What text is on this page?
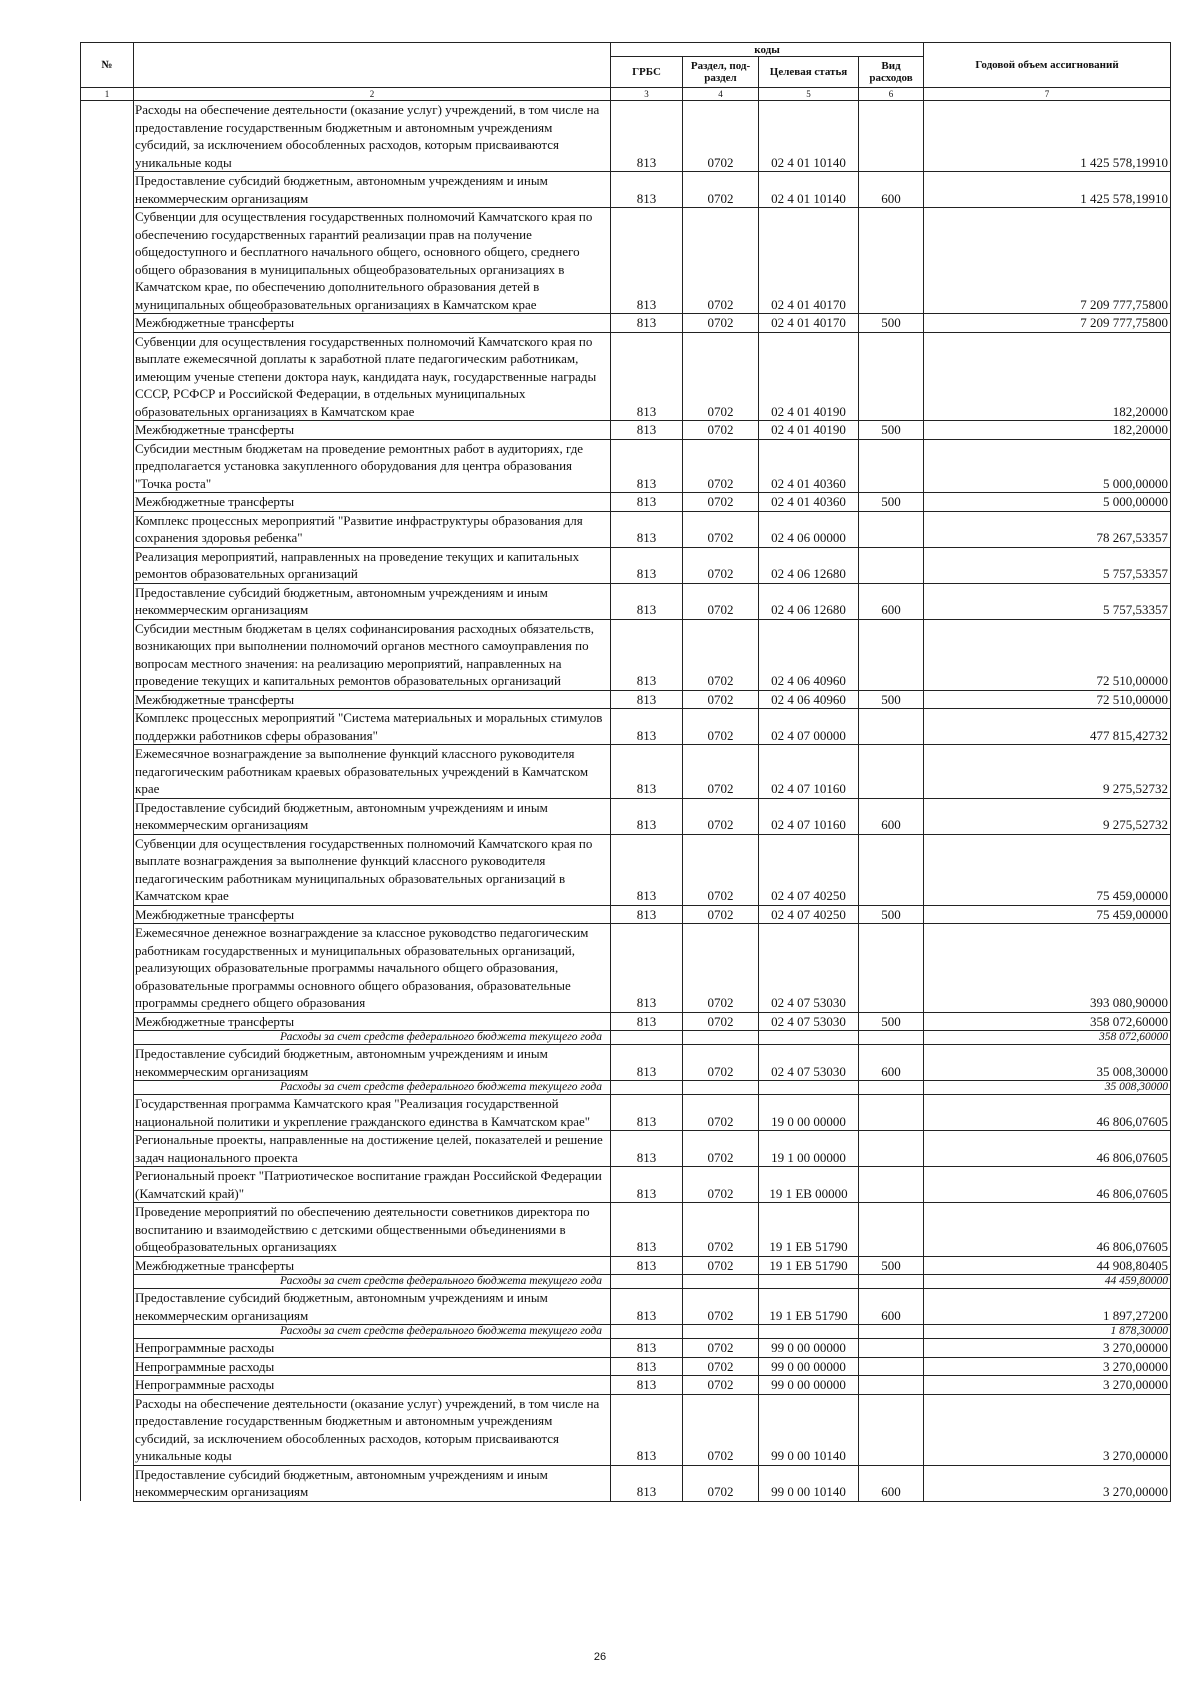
№		коды				Годовой объем ассигнований
		ГРБС	Раздел, под-раздел	Целевая статья	Вид расходов	
1	2	3	4	5	6	7
	Расходы на обеспечение деятельности (оказание услуг) учреждений, в том числе на предоставление государственным бюджетным и автономным учреждениям субсидий, за исключением обособленных расходов, которым присваиваются уникальные коды	813	0702	02 4 01 10140		1 425 578,19910
	Предоставление субсидий бюджетным, автономным учреждениям и иным некоммерческим организациям	813	0702	02 4 01 10140	600	1 425 578,19910
	Субвенции для осуществления государственных полномочий Камчатского края по обеспечению государственных гарантий реализации прав на получение общедоступного и бесплатного начального общего, основного общего, среднего общего образования в муниципальных общеобразовательных организациях в Камчатском крае, по обеспечению дополнительного образования детей в муниципальных общеобразовательных организациях в Камчатском крае	813	0702	02 4 01 40170		7 209 777,75800
	Межбюджетные трансферты	813	0702	02 4 01 40170	500	7 209 777,75800
	Субвенции для осуществления государственных полномочий Камчатского края по выплате ежемесячной доплаты к заработной плате педагогическим работникам, имеющим ученые степени доктора наук, кандидата наук, государственные награды СССР, РСФСР и Российской Федерации, в отдельных муниципальных образовательных организациях в Камчатском крае	813	0702	02 4 01 40190		182,20000
	Межбюджетные трансферты	813	0702	02 4 01 40190	500	182,20000
	Субсидии местным бюджетам на проведение ремонтных работ в аудиториях, где предполагается установка закупленного оборудования для центра образования "Точка роста"	813	0702	02 4 01 40360		5 000,00000
	Межбюджетные трансферты	813	0702	02 4 01 40360	500	5 000,00000
	Комплекс процессных мероприятий "Развитие инфраструктуры образования для сохранения здоровья ребенка"	813	0702	02 4 06 00000		78 267,53357
	Реализация мероприятий, направленных на проведение текущих и капитальных ремонтов образовательных организаций	813	0702	02 4 06 12680		5 757,53357
	Предоставление субсидий бюджетным, автономным учреждениям и иным некоммерческим организациям	813	0702	02 4 06 12680	600	5 757,53357
	Субсидии местным бюджетам в целях софинансирования расходных обязательств, возникающих при выполнении полномочий органов местного самоуправления по вопросам местного значения: на реализацию мероприятий, направленных на проведение текущих и капитальных ремонтов образовательных организаций	813	0702	02 4 06 40960		72 510,00000
	Межбюджетные трансферты	813	0702	02 4 06 40960	500	72 510,00000
	Комплекс процессных мероприятий "Система материальных и моральных стимулов поддержки работников сферы образования"	813	0702	02 4 07 00000		477 815,42732
	Ежемесячное вознаграждение за выполнение функций классного руководителя педагогическим работникам краевых образовательных учреждений в Камчатском крае	813	0702	02 4 07 10160		9 275,52732
	Предоставление субсидий бюджетным, автономным учреждениям и иным некоммерческим организациям	813	0702	02 4 07 10160	600	9 275,52732
	Субвенции для осуществления государственных полномочий Камчатского края по выплате вознаграждения за выполнение функций классного руководителя педагогическим работникам муниципальных образовательных организаций в Камчатском крае	813	0702	02 4 07 40250		75 459,00000
	Межбюджетные трансферты	813	0702	02 4 07 40250	500	75 459,00000
	Ежемесячное денежное вознаграждение за классное руководство педагогическим работникам государственных и муниципальных образовательных организаций, реализующих образовательные программы начального общего образования, образовательные программы основного общего образования, образовательные программы среднего общего образования	813	0702	02 4 07 53030		393 080,90000
	Межбюджетные трансферты	813	0702	02 4 07 53030	500	358 072,60000
	Расходы за счет средств федерального бюджета текущего года					358 072,60000
	Предоставление субсидий бюджетным, автономным учреждениям и иным некоммерческим организациям	813	0702	02 4 07 53030	600	35 008,30000
	Расходы за счет средств федерального бюджета текущего года					35 008,30000
	Государственная программа Камчатского края "Реализация государственной национальной политики и укрепление гражданского единства в Камчатском крае"	813	0702	19 0 00 00000		46 806,07605
	Региональные проекты, направленные на достижение целей, показателей и решение задач национального проекта	813	0702	19 1 00 00000		46 806,07605
	Региональный проект "Патриотическое воспитание граждан Российской Федерации (Камчатский край)"	813	0702	19 1 ЕВ 00000		46 806,07605
	Проведение мероприятий по обеспечению деятельности советников директора по воспитанию и взаимодействию с детскими общественными объединениями в общеобразовательных организациях	813	0702	19 1 ЕВ 51790		46 806,07605
	Межбюджетные трансферты	813	0702	19 1 ЕВ 51790	500	44 908,80405
	Расходы за счет средств федерального бюджета текущего года					44 459,80000
	Предоставление субсидий бюджетным, автономным учреждениям и иным некоммерческим организациям	813	0702	19 1 ЕВ 51790	600	1 897,27200
	Расходы за счет средств федерального бюджета текущего года					1 878,30000
	Непрограммные расходы	813	0702	99 0 00 00000		3 270,00000
	Непрограммные расходы	813	0702	99 0 00 00000		3 270,00000
	Непрограммные расходы	813	0702	99 0 00 00000		3 270,00000
	Расходы на обеспечение деятельности (оказание услуг) учреждений, в том числе на предоставление государственным бюджетным и автономным учреждениям субсидий, за исключением обособленных расходов, которым присваиваются уникальные коды	813	0702	99 0 00 10140		3 270,00000
	Предоставление субсидий бюджетным, автономным учреждениям и иным некоммерческим организациям	813	0702	99 0 00 10140	600	3 270,00000
26
